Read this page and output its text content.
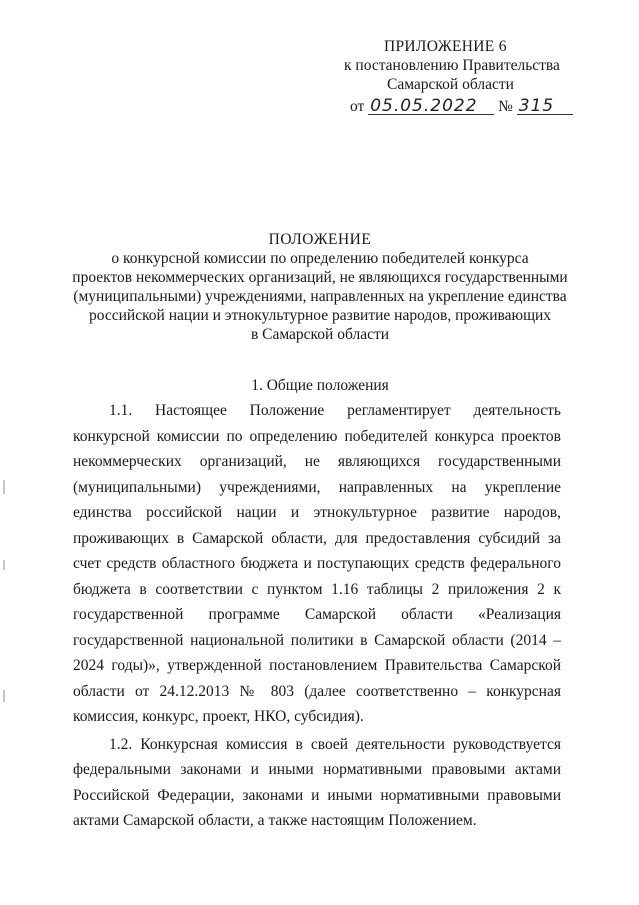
ПРИЛОЖЕНИЕ 6
к постановлению Правительства
Самарской области
от 05.05.2022 № 315
ПОЛОЖЕНИЕ
о конкурсной комиссии по определению победителей конкурса
проектов некоммерческих организаций, не являющихся государственными
(муниципальными) учреждениями, направленных на укрепление единства
российской нации и этнокультурное развитие народов, проживающих
в Самарской области
1. Общие положения

1.1. Настоящее Положение регламентирует деятельность конкурсной комиссии по определению победителей конкурса проектов некоммерческих организаций, не являющихся государственными (муниципальными) учреждениями, направленных на укрепление единства российской нации и этнокультурное развитие народов, проживающих в Самарской области, для предоставления субсидий за счет средств областного бюджета и поступающих средств федерального бюджета в соответствии с пунктом 1.16 таблицы 2 приложения 2 к государственной программе Самарской области «Реализация государственной национальной политики в Самарской области (2014 – 2024 годы)», утвержденной постановлением Правительства Самарской области от 24.12.2013 № 803 (далее соответственно – конкурсная комиссия, конкурс, проект, НКО, субсидия).

1.2. Конкурсная комиссия в своей деятельности руководствуется федеральными законами и иными нормативными правовыми актами Российской Федерации, законами и иными нормативными правовыми актами Самарской области, а также настоящим Положением.
